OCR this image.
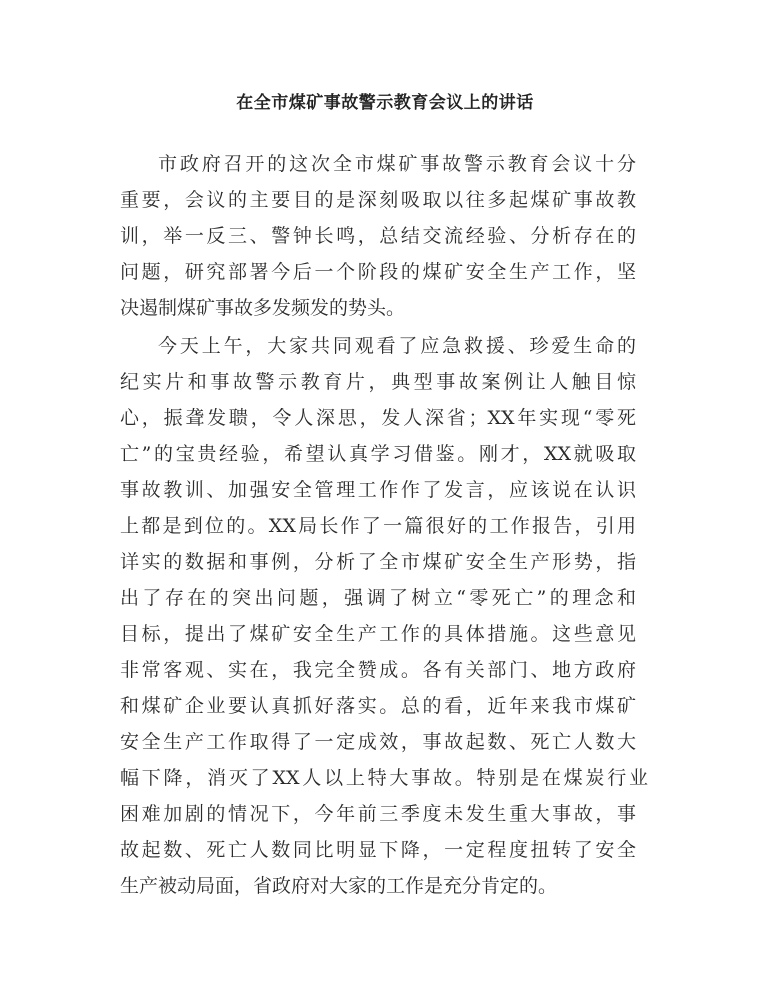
在全市煤矿事故警示教育会议上的讲话
市政府召开的这次全市煤矿事故警示教育会议十分
重要，会议的主要目的是深刻吸取以往多起煤矿事故教
训，举一反三、警钟长鸣，总结交流经验、分析存在的
问题，研究部署今后一个阶段的煤矿安全生产工作，坚
决遏制煤矿事故多发频发的势头。
今天上午，大家共同观看了应急救援、珍爱生命的
纪实片和事故警示教育片，典型事故案例让人触目惊
心，振聋发聩，令人深思，发人深省；XX年实现“零死
亡”的宝贵经验，希望认真学习借鉴。刚才，XX就吸取
事故教训、加强安全管理工作作了发言，应该说在认识
上都是到位的。XX局长作了一篇很好的工作报告，引用
详实的数据和事例，分析了全市煤矿安全生产形势，指
出了存在的突出问题，强调了树立“零死亡”的理念和
目标，提出了煤矿安全生产工作的具体措施。这些意见
非常客观、实在，我完全赞成。各有关部门、地方政府
和煤矿企业要认真抓好落实。总的看，近年来我市煤矿
安全生产工作取得了一定成效，事故起数、死亡人数大
幅下降，消灭了XX人以上特大事故。特别是在煤炭行业
困难加剧的情况下，今年前三季度未发生重大事故，事
故起数、死亡人数同比明显下降，一定程度扭转了安全
生产被动局面，省政府对大家的工作是充分肯定的。
